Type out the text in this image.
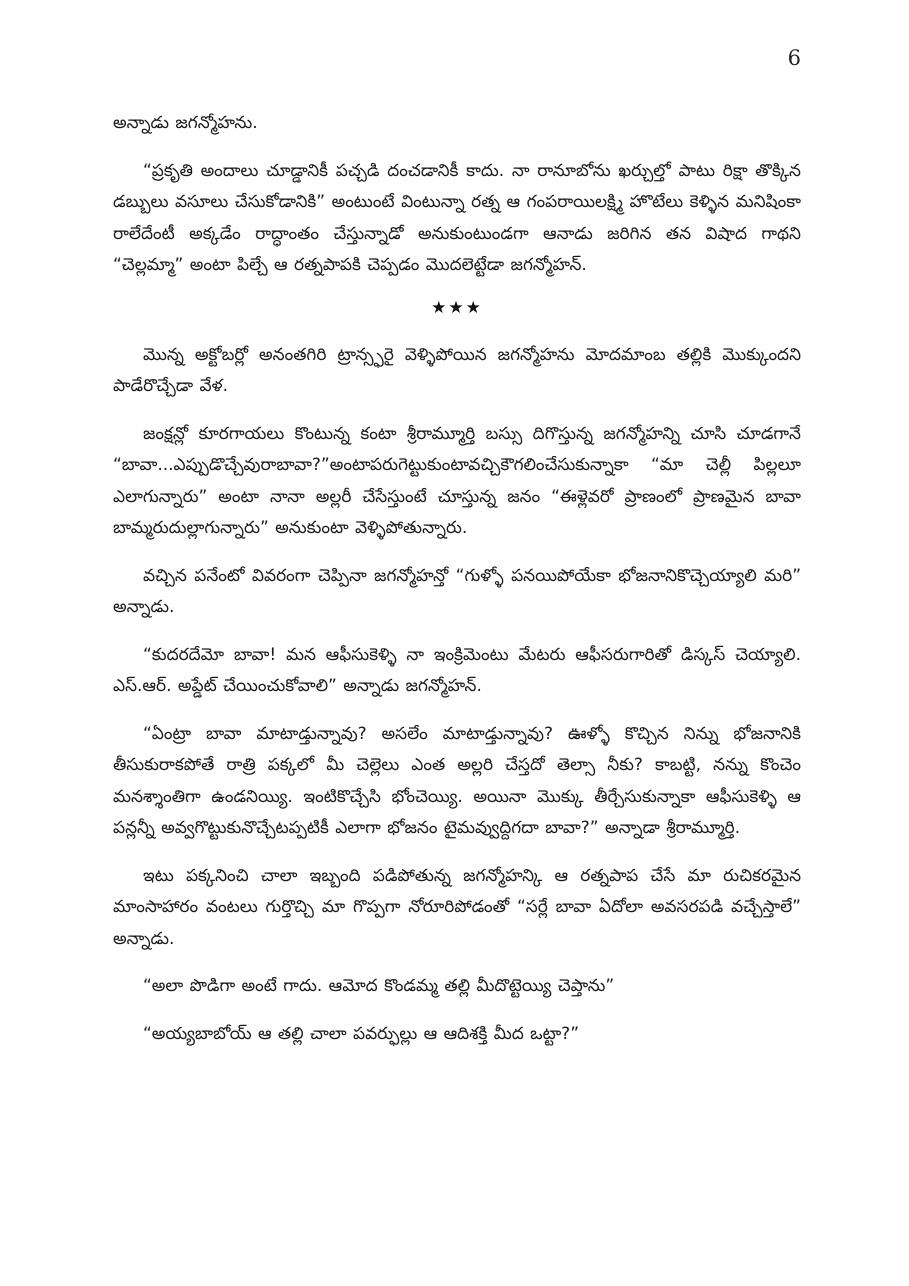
6

అన్నాడు జగన్మోహను.

“ప్రకృతి అందాలు చూడ్డానికీ పచ్చడి దంచడానికీ కాదు. నా రానూబోను ఖర్చుల్తో పాటు రిక్షా తొక్కిన డబ్బులు వసూలు చేసుకోడానికి” అంటుంటే వింటున్నా రత్న ఆ గంపరాయిలక్ష్మి హొటేలు కెళ్ళిన మనిషింకా రాలేదేంటీ అక్కడేం రాద్ధాంతం చేస్తున్నాడో అనుకుంటుండగా ఆనాడు జరిగిన తన విషాద గాథని “చెల్లమ్మా” అంటా పిల్చే ఆ రత్నపాపకి చెప్పడం మొదలెట్టేడా జగన్మోహన్.

★★★

మొన్న అక్టోబర్లో అనంతగిరి ట్రాన్స్ఫరై వెళ్ళిపోయిన జగన్మోహను మోదమాంబ తల్లికి మొక్కుందని పాడేరొచ్చేడా వేళ.

జంక్షన్లో కూరగాయలు కొంటున్న కంటా శ్రీరామ్మూర్తి బస్సు దిగొస్తున్న జగన్మోహన్ని చూసి చూడగానే “బావా...ఎప్పుడొచ్చేవురాబావా?”అంటాపరుగెట్టుకుంటావచ్చికౌగలించేసుకున్నాకా “మా చెల్లీ పిల్లలూ ఎలాగున్నారు” అంటా నానా అల్లరీ చేసేస్తుంటే చూస్తున్న జనం “ఈళ్లెవరో ప్రాణంలో ప్రాణమైన బావా బామ్మరుదుల్లాగున్నారు” అనుకుంటా వెళ్ళిపోతున్నారు.

వచ్చిన పనేంటో వివరంగా చెప్పినా జగన్మోహన్తో “గుళ్ళో పనయిపోయేకా భోజనానికొచ్చెయ్యాలి మరి” అన్నాడు.

“కుదరదేమో బావా! మన ఆఫీసుకెళ్ళి నా ఇంక్రిమెంటు మేటరు ఆఫీసరుగారితో డిస్కస్ చెయ్యాలి. ఎస్.ఆర్. అప్డేట్ చేయించుకోవాలి” అన్నాడు జగన్మోహన్.

“ఏంట్రా బావా మాటాడ్తున్నావు? అసలేం మాటాడ్తున్నావు? ఊళ్ళో కొచ్చిన నిన్ను భోజనానికి తీసుకురాకపోతే రాత్రి పక్కలో మీ చెల్లెలు ఎంత అల్లరి చేస్తదో తెల్సా నీకు? కాబట్టి, నన్ను కొంచెం మనశ్శాంతిగా ఉండనియ్యి. ఇంటికొచ్చేసి భోంచెయ్యి. అయినా మొక్కు తీర్చేసుకున్నాకా ఆఫీసుకెళ్ళి ఆ పన్లన్నీ అవ్వగొట్టుకునొచ్చేటప్పటికీ ఎలాగా భోజనం టైమవ్వుద్దిగదా బావా?” అన్నాడా శ్రీరామ్మూర్తి.

ఇటు పక్కనించి చాలా ఇబ్బంది పడిపోతున్న జగన్మోహన్కి ఆ రత్నపాప చేసే మా రుచికరమైన మాంసాహారం వంటలు గుర్తొచ్చి మా గొప్పగా నోరూరిపోడంతో “సర్లే బావా ఏదోలా అవసరపడి వచ్చేస్తాలే” అన్నాడు.

“అలా పొడిగా అంటే గాదు. ఆమోద కొండమ్మ తల్లి మీదొట్టెయ్యి చెప్తాను”

“అయ్యబాబోయ్ ఆ తల్లి చాలా పవర్ఫుల్లు ఆ ఆదిశక్తి మీద ఒట్టా?”
